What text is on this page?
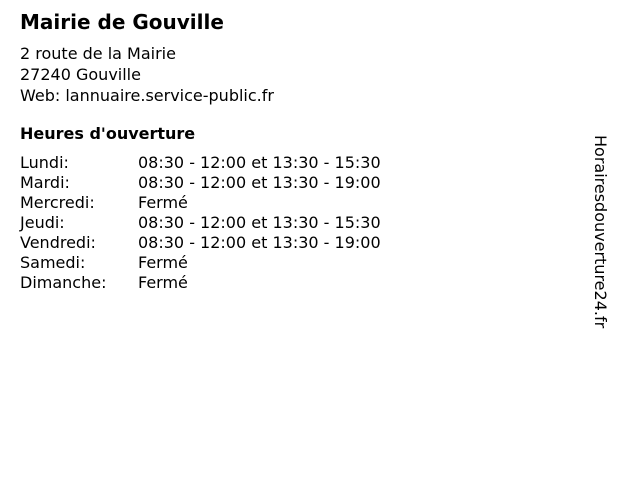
Mairie de Gouville
2 route de la Mairie
27240 Gouville
Web: lannuaire.service-public.fr
Heures d'ouverture
Lundi:	08:30 - 12:00 et 13:30 - 15:30
Mardi:	08:30 - 12:00 et 13:30 - 19:00
Mercredi:	Fermé
Jeudi:	08:30 - 12:00 et 13:30 - 15:30
Vendredi:	08:30 - 12:00 et 13:30 - 19:00
Samedi:	Fermé
Dimanche: Fermé	Horairesdouverture24.fr
